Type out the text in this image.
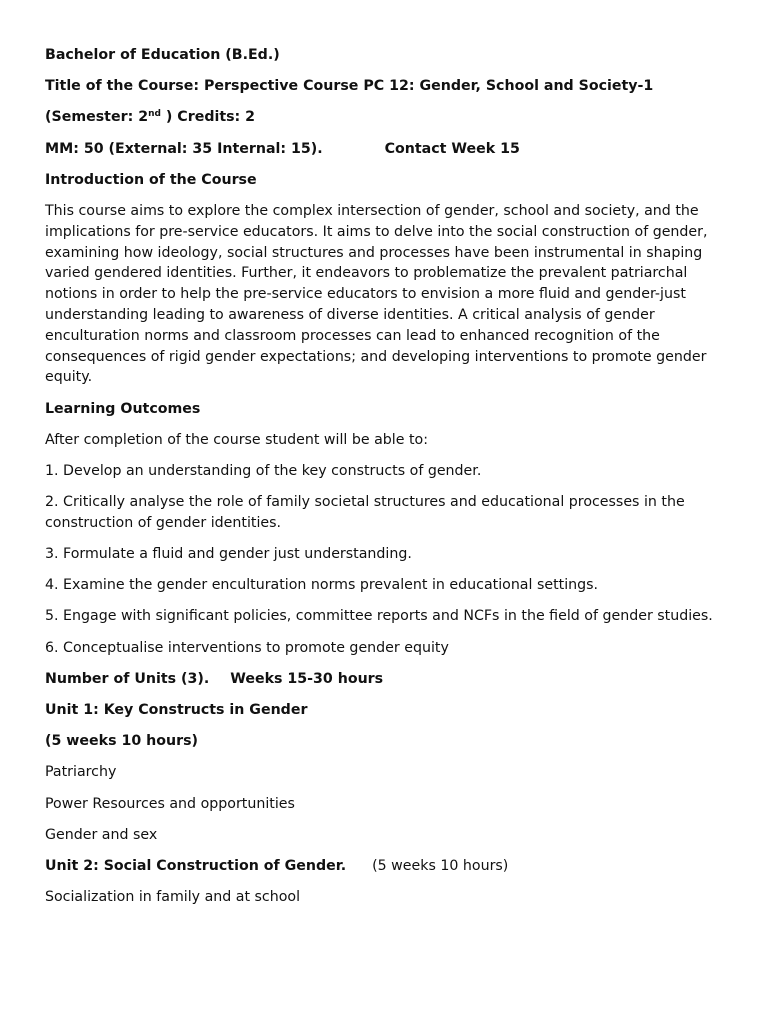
Bachelor of Education (B.Ed.)
Title of the Course: Perspective Course PC 12: Gender, School and Society-1
(Semester: 2nd ) Credits: 2
MM: 50 (External: 35 Internal: 15).	Contact Week 15
Introduction of the Course

This course aims to explore the complex intersection of gender, school and society, and the implications for pre-service educators. It aims to delve into the social construction of gender, examining how ideology, social structures and processes have been instrumental in shaping varied gendered identities. Further, it endeavors to problematize the prevalent patriarchal notions in order to help the pre-service educators to envision a more fluid and gender-just understanding leading to awareness of diverse identities. A critical analysis of gender enculturation norms and classroom processes can lead to enhanced recognition of the consequences of rigid gender expectations; and developing interventions to promote gender equity.

Learning Outcomes
After completion of the course student will be able to:
1. Develop an understanding of the key constructs of gender.
2. Critically analyse the role of family societal structures and educational processes in the construction of gender identities.
3. Formulate a fluid and gender just understanding.
4. Examine the gender enculturation norms prevalent in educational settings.
5. Engage with significant policies, committee reports and NCFs in the field of gender studies.
6. Conceptualise interventions to promote gender equity
Number of Units (3). Weeks 15-30 hours
Unit 1: Key Constructs in Gender
(5 weeks 10 hours)
Patriarchy
Power Resources and opportunities
Gender and sex
Unit 2: Social Construction of Gender. (5 weeks 10 hours)
Socialization in family and at school
